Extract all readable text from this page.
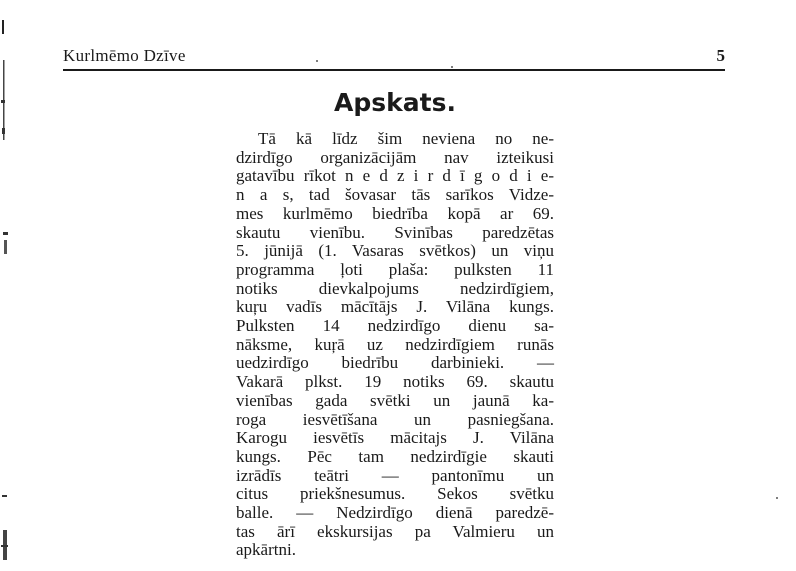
Kurlmēmo Dzīve	5
Apskats.
Tā kā līdz šim neviena no ne-
dzirdīgo organizācijām nav izteikusi
gatavību rīkot n e d z i r d ī g o d i e-
n a s, tad šovasar tās sarīkos Vidze-
mes kurlmēmo biedrība kopā ar 69.
skautu vienību. Svinības paredzētas
5. jūnijā (1. Vasaras svētkos) un viņu
programma ļoti plaša: pulksten 11
notiks dievkalpojums nedzirdīgiem,
kuŗu vadīs mācītājs J. Vilāna kungs.
Pulksten 14 nedzirdīgo dienu sa-
nāksme, kuŗā uz nedzirdīgiem runās
uedzirdīgo biedrību darbinieki. —
Vakarā plkst. 19 notiks 69. skautu
vienības gada svētki un jaunā ka-
roga iesvētīšana un pasniegšana.
Karogu iesvētīs mācitajs J. Vilāna
kungs. Pēc tam nedzirdīgie skauti
izrādīs teātri — pantonīmu un
citus priekšnesumus. Sekos svētku
balle. — Nedzirdīgo dienā paredzē-
tas ārī ekskursijas pa Valmieru un
apkārtni.
